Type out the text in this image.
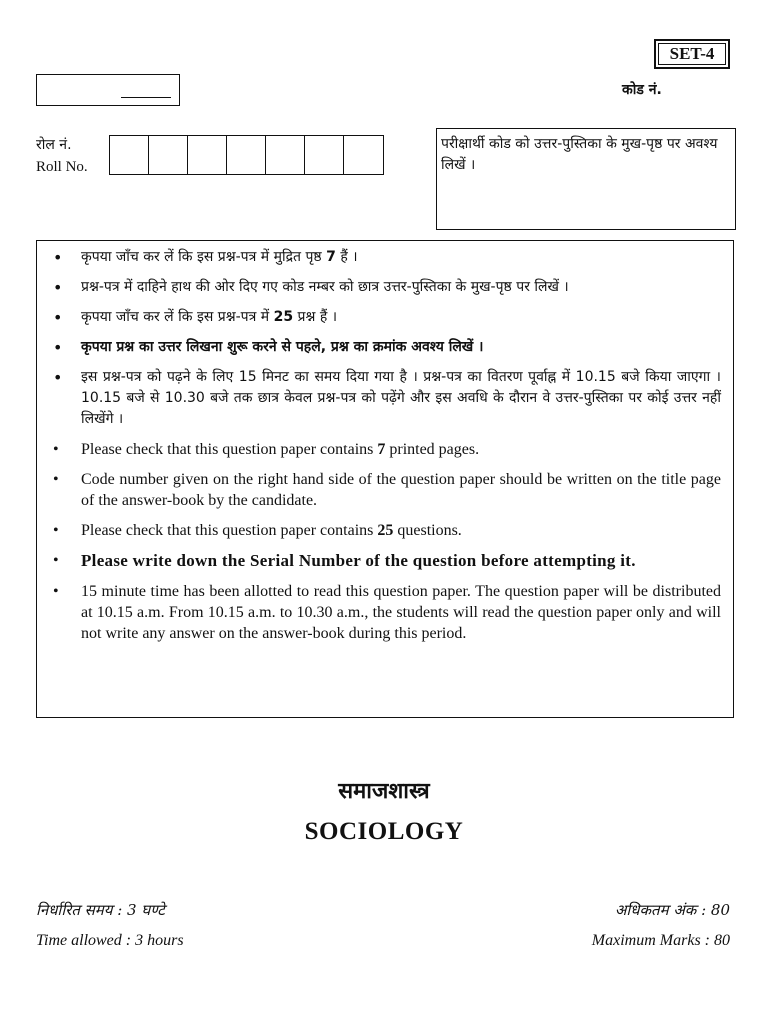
SET-4
कोड नं.
रोल नं.
Roll No.
परीक्षार्थी कोड को उत्तर-पुस्तिका के मुख-पृष्ठ पर अवश्य लिखें ।
• कृपया जाँच कर लें कि इस प्रश्न-पत्र में मुद्रित पृष्ठ 7 हैं ।
• प्रश्न-पत्र में दाहिने हाथ की ओर दिए गए कोड नम्बर को छात्र उत्तर-पुस्तिका के मुख-पृष्ठ पर लिखें ।
• कृपया जाँच कर लें कि इस प्रश्न-पत्र में 25 प्रश्न हैं ।
• कृपया प्रश्न का उत्तर लिखना शुरू करने से पहले, प्रश्न का क्रमांक अवश्य लिखें ।
• इस प्रश्न-पत्र को पढ़ने के लिए 15 मिनट का समय दिया गया है । प्रश्न-पत्र का वितरण पूर्वाह्न में 10.15 बजे किया जाएगा । 10.15 बजे से 10.30 बजे तक छात्र केवल प्रश्न-पत्र को पढ़ेंगे और इस अवधि के दौरान वे उत्तर-पुस्तिका पर कोई उत्तर नहीं लिखेंगे ।
• Please check that this question paper contains 7 printed pages.
• Code number given on the right hand side of the question paper should be written on the title page of the answer-book by the candidate.
• Please check that this question paper contains 25 questions.
• Please write down the Serial Number of the question before attempting it.
• 15 minute time has been allotted to read this question paper. The question paper will be distributed at 10.15 a.m. From 10.15 a.m. to 10.30 a.m., the students will read the question paper only and will not write any answer on the answer-book during this period.
समाजशास्त्र
SOCIOLOGY
निर्धारित समय : 3 घण्टे	अधिकतम अंक : 80
Time allowed : 3 hours	Maximum Marks : 80
